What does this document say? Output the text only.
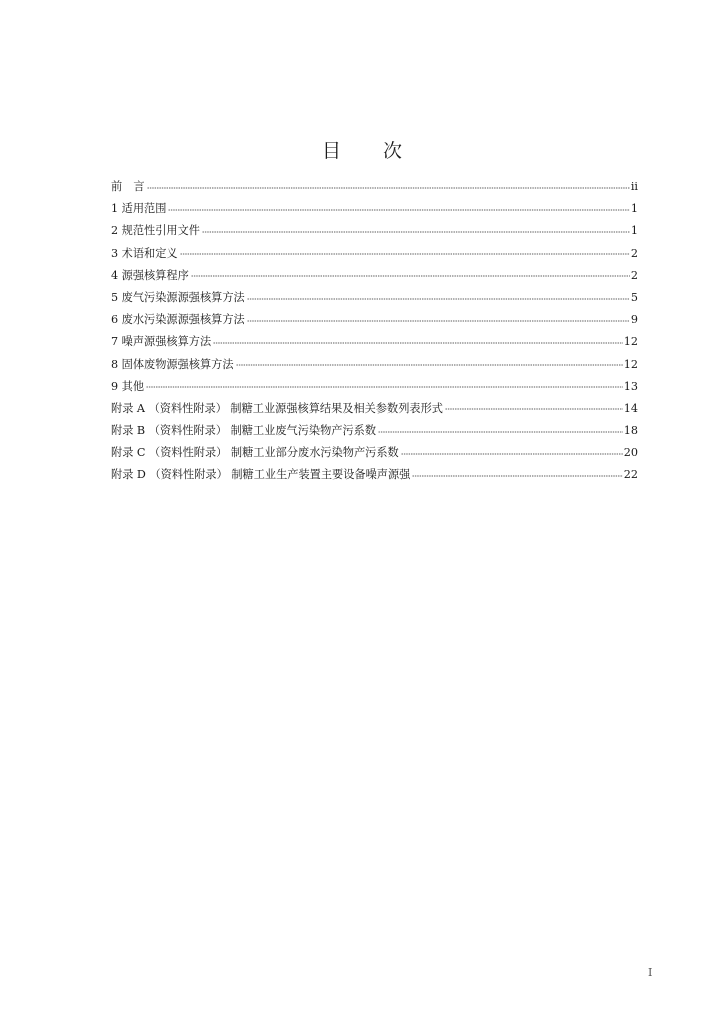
目 次
前　言	ii
1 适用范围	1
2 规范性引用文件	1
3 术语和定义	2
4 源强核算程序	2
5 废气污染源源强核算方法	5
6 废水污染源源强核算方法	9
7 噪声源强核算方法	12
8 固体废物源强核算方法	12
9 其他	13
附录 A （资料性附录） 制糖工业源强核算结果及相关参数列表形式	14
附录 B （资料性附录） 制糖工业废气污染物产污系数	18
附录 C （资料性附录） 制糖工业部分废水污染物产污系数	20
附录 D （资料性附录） 制糖工业生产装置主要设备噪声源强	22
I
